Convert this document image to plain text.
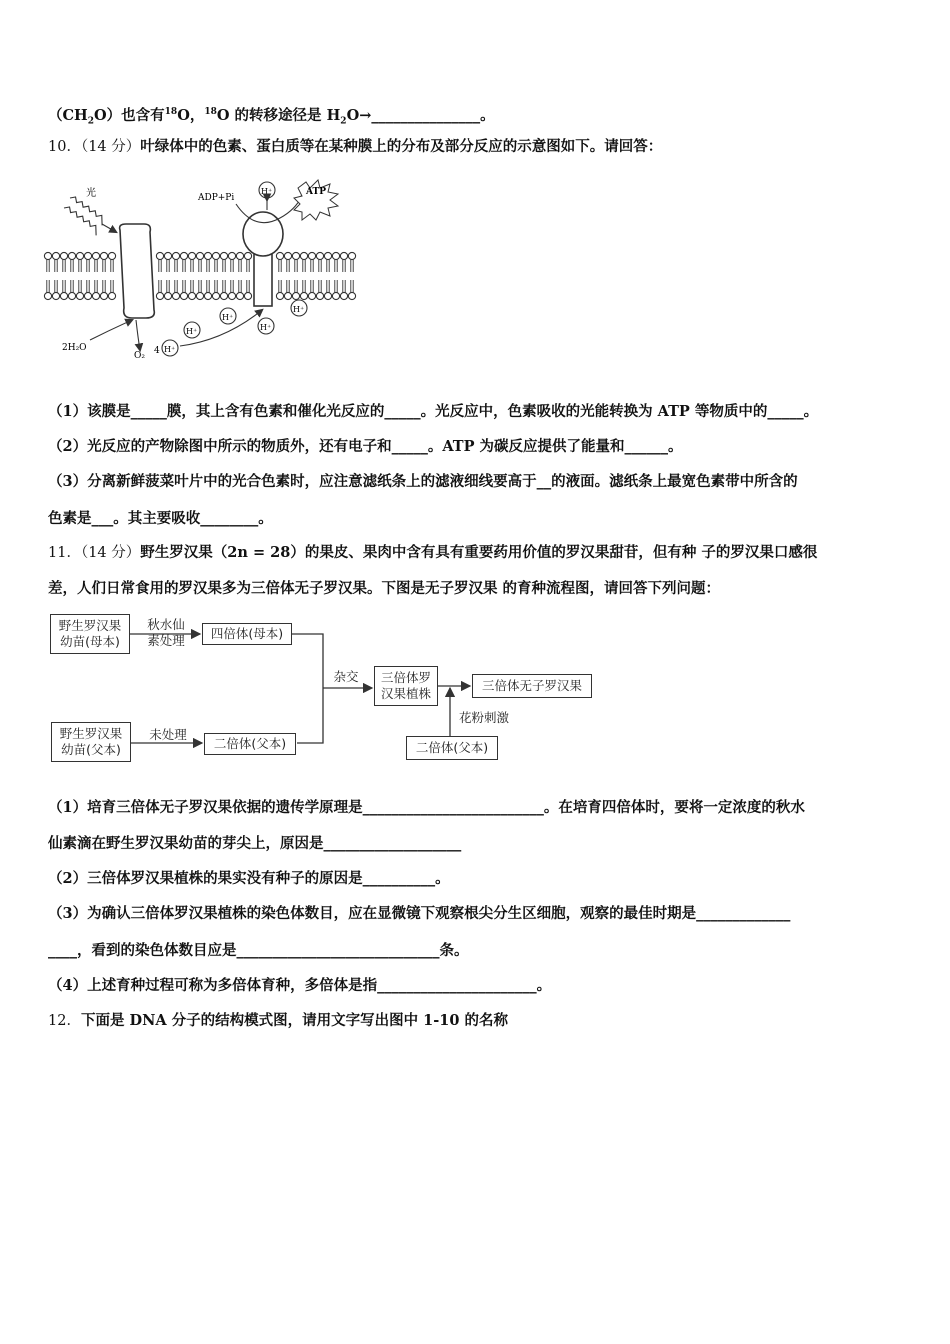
$(CH_2O)$也含有$^{18}$O，$^{18}$O 的转移途径是 $H_2O\to\_\_\_\_\_\_\_\_\_\_\_\_\_\_\_$。
10．（14 分）叶绿体中的色素、蛋白质等在某种膜上的分布及部分反应的示意图如下。请回答：
光	ADP+Pi
ATP
H⁺
H⁺
H⁺
H⁺
H⁺
H⁺
2H₂O
O₂ 4
（1）该膜是_____膜，其上含有色素和催化光反应的_____。光反应中，色素吸收的光能转换为 ATP 等物质中的_____。
（2）光反应的产物除图中所示的物质外，还有电子和_____。ATP 为碳反应提供了能量和______。
（3）分离新鲜菠菜叶片中的光合色素时，应注意滤纸条上的滤液细线要高于__的液面。滤纸条上最宽色素带中所含的
色素是___。其主要吸收________。
11．（14 分）野生罗汉果（2n = 28）的果皮、果肉中含有具有重要药用价值的罗汉果甜苷，但有种 子的罗汉果口感很
差，人们日常食用的罗汉果多为三倍体无子罗汉果。下图是无子罗汉果 的育种流程图，请回答下列问题：
野生罗汉果
幼苗(母本)
秋水仙
素处理	四倍体(母本)
杂交	三倍体罗
汉果植株
三倍体无子罗汉果
花粉刺激
野生罗汉果
幼苗(父本)
未处理
二倍体(父本)	二倍体(父本)
（1）培育三倍体无子罗汉果依据的遗传学原理是_________________________。在培育四倍体时，要将一定浓度的秋水
仙素滴在野生罗汉果幼苗的芽尖上，原因是___________________
（2）三倍体罗汉果植株的果实没有种子的原因是__________。
（3）为确认三倍体罗汉果植株的染色体数目，应在显微镜下观察根尖分生区细胞，观察的最佳时期是_____________
____，看到的染色体数目应是____________________________条。
（4）上述育种过程可称为多倍体育种，多倍体是指______________________。
12．下面是 DNA 分子的结构模式图，请用文字写出图中 1-10 的名称
